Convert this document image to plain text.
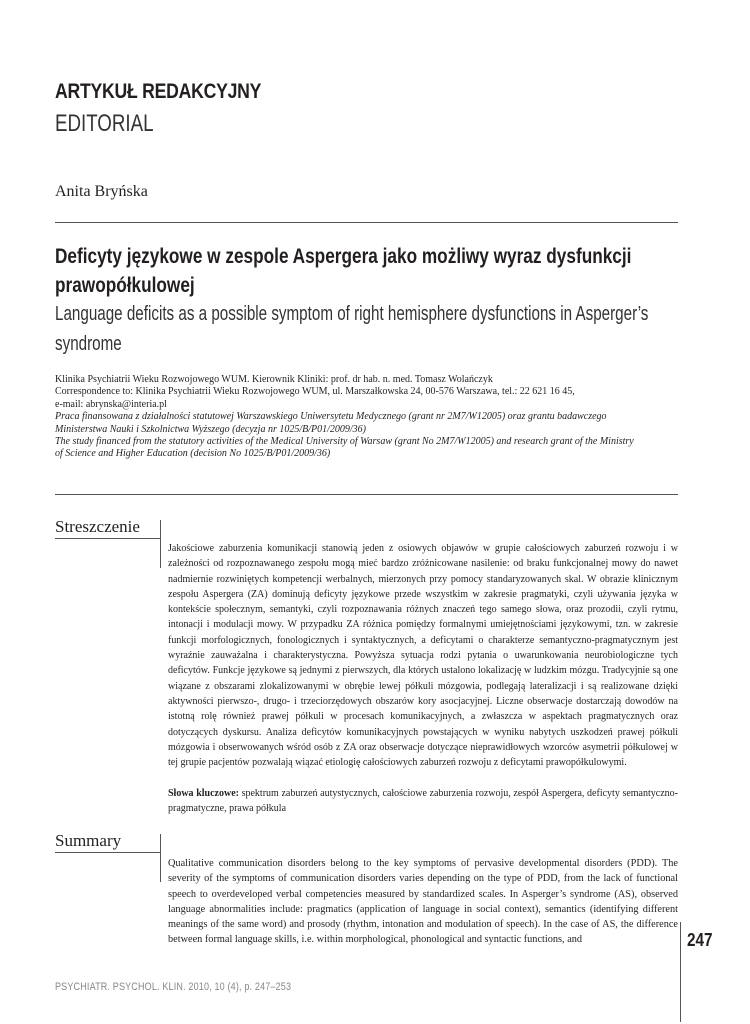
ARTYKUŁ REDAKCYJNY
EDITORIAL
Anita Bryńska
Deficyty językowe w zespole Aspergera jako możliwy wyraz dysfunkcji prawopółkulowej
Language deficits as a possible symptom of right hemisphere dysfunctions in Asperger’s syndrome
Klinika Psychiatrii Wieku Rozwojowego WUM. Kierownik Kliniki: prof. dr hab. n. med. Tomasz Wolańczyk
Correspondence to: Klinika Psychiatrii Wieku Rozwojowego WUM, ul. Marszałkowska 24, 00-576 Warszawa, tel.: 22 621 16 45,
e-mail: abrynska@interia.pl
Praca finansowana z działalności statutowej Warszawskiego Uniwersytetu Medycznego (grant nr 2M7/W12005) oraz grantu badawczego
Ministerstwa Nauki i Szkolnictwa Wyższego (decyzja nr 1025/B/P01/2009/36)
The study financed from the statutory activities of the Medical University of Warsaw (grant No 2M7/W12005) and research grant of the Ministry
of Science and Higher Education (decision No 1025/B/P01/2009/36)
Streszczenie
Jakościowe zaburzenia komunikacji stanowią jeden z osiowych objawów w grupie całościowych zaburzeń rozwoju i w zależności od rozpoznawanego zespołu mogą mieć bardzo zróżnicowane nasilenie: od braku funkcjonalnej mowy do nawet nadmiernie rozwiniętych kompetencji werbalnych, mierzonych przy pomocy standaryzowanych skal. W obrazie klinicznym zespołu Aspergera (ZA) dominują deficyty językowe przede wszystkim w zakresie pragmatyki, czyli używania języka w kontekście społecznym, semantyki, czyli rozpoznawania różnych znaczeń tego samego słowa, oraz prozodii, czyli rytmu, intonacji i modulacji mowy. W przypadku ZA różnica pomiędzy formalnymi umiejętnościami językowymi, tzn. w zakresie funkcji morfologicznych, fonologicznych i syntaktycznych, a deficytami o charakterze semantyczno-pragmatycznym jest wyraźnie zauważalna i charakterystyczna. Powyższa sytuacja rodzi pytania o uwarunkowania neurobiologiczne tych deficytów. Funkcje językowe są jednymi z pierwszych, dla których ustalono lokalizację w ludzkim mózgu. Tradycyjnie są one wiązane z obszarami zlokalizowanymi w obrębie lewej półkuli mózgowia, podlegają lateralizacji i są realizowane dzięki aktywności pierwszo-, drugo- i trzeciorzędowych obszarów kory asocjacyjnej. Liczne obserwacje dostarczają dowodów na istotną rolę również prawej półkuli w procesach komunikacyjnych, a zwłaszcza w aspektach pragmatycznych oraz dotyczących dyskursu. Analiza deficytów komunikacyjnych powstających w wyniku nabytych uszkodzeń prawej półkuli mózgowia i obserwowanych wśród osób z ZA oraz obserwacje dotyczące nieprawidłowych wzorców asymetrii półkulowej w tej grupie pacjentów pozwalają wiązać etiologię całościowych zaburzeń rozwoju z deficytami prawopółkulowymi.
Słowa kluczowe: spektrum zaburzeń autystycznych, całościowe zaburzenia rozwoju, zespół Aspergera, deficyty semantyczno-pragmatyczne, prawa półkula
Summary
Qualitative communication disorders belong to the key symptoms of pervasive developmental disorders (PDD). The severity of the symptoms of communication disorders varies depending on the type of PDD, from the lack of functional speech to overdeveloped verbal competencies measured by standardized scales. In Asperger’s syndrome (AS), observed language abnormalities include: pragmatics (application of language in social context), semantics (identifying different meanings of the same word) and prosody (rhythm, intonation and modulation of speech). In the case of AS, the difference between formal language skills, i.e. within morphological, phonological and syntactic functions, and	247
PSYCHIATR. PSYCHOL. KLIN. 2010, 10 (4), p. 247–253
